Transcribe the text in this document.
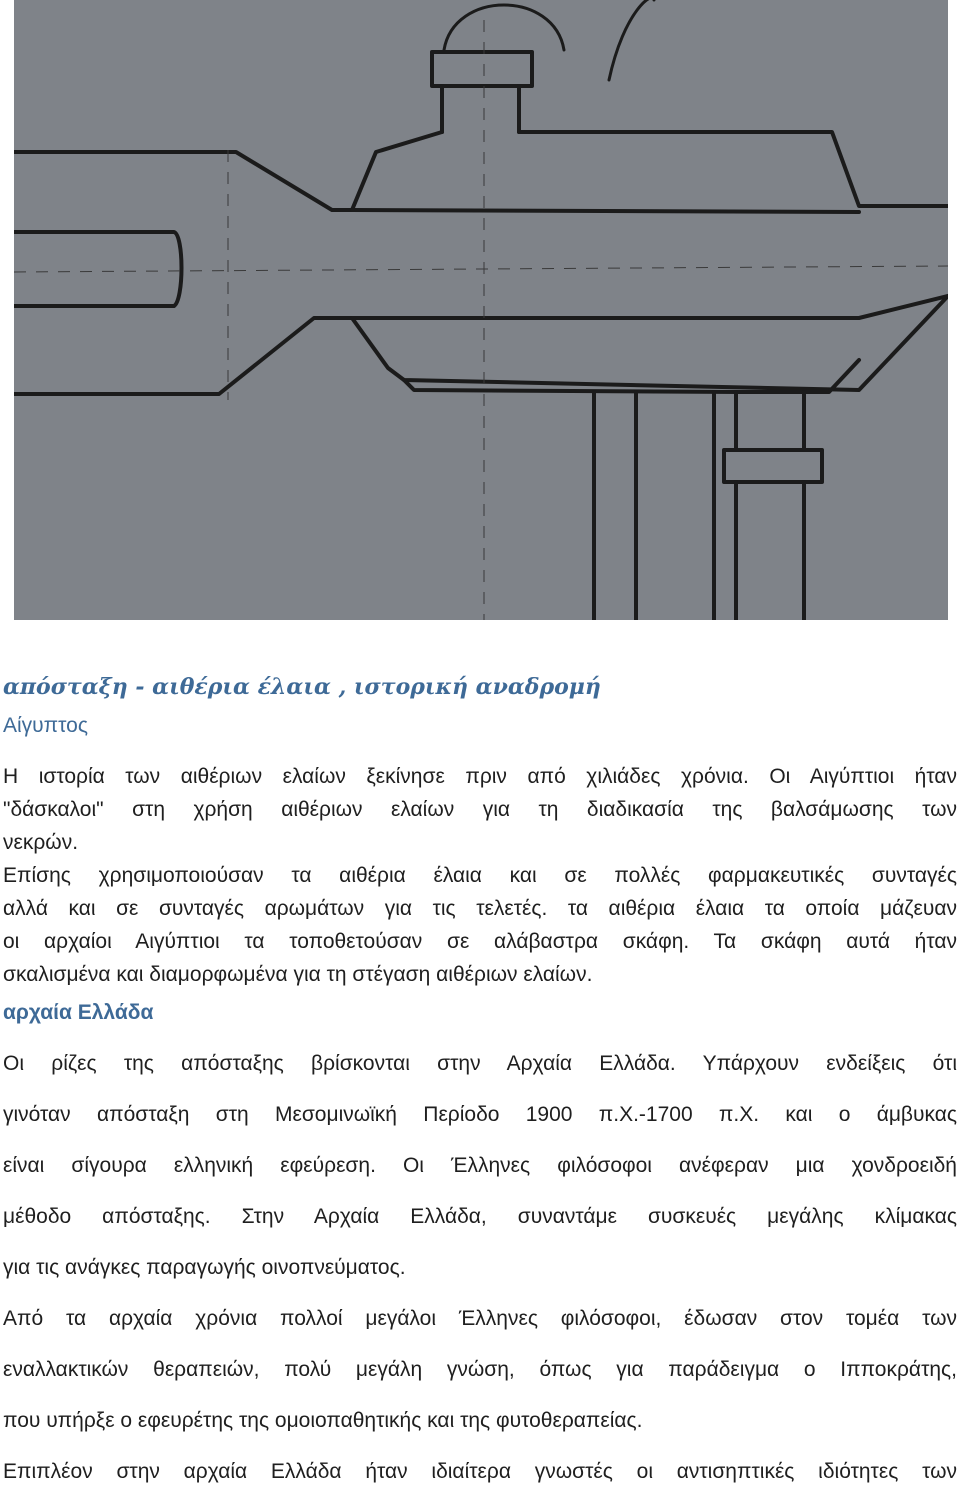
απόσταξη - αιθέρια έλαια , ιστορική αναδρομή
Αίγυπτος
Η ιστορία των αιθέριων ελαίων ξεκίνησε πριν από χιλιάδες χρόνια. Οι Αιγύπτιοι ήταν
"δάσκαλοι" στη χρήση αιθέριων ελαίων για τη διαδικασία της βαλσάμωσης των
νεκρών.
Επίσης χρησιμοποιούσαν τα αιθέρια έλαια και σε πολλές φαρμακευτικές συνταγές
αλλά και σε συνταγές αρωμάτων για τις τελετές. τα αιθέρια έλαια τα οποία μάζευαν
οι αρχαίοι Αιγύπτιοι τα τοποθετούσαν σε αλάβαστρα σκάφη. Τα σκάφη αυτά ήταν
σκαλισμένα και διαμορφωμένα για τη στέγαση αιθέριων ελαίων.
αρχαία Ελλάδα
Οι ρίζες της απόσταξης βρίσκονται στην Αρχαία Ελλάδα. Υπάρχουν ενδείξεις ότι
γινόταν απόσταξη στη Μεσομινωϊκή Περίοδο 1900 π.Χ.-1700 π.Χ. και ο άμβυκας
είναι σίγουρα ελληνική εφεύρεση. Οι Έλληνες φιλόσοφοι ανέφεραν μια χονδροειδή
μέθοδο απόσταξης. Στην Αρχαία Ελλάδα, συναντάμε συσκευές μεγάλης κλίμακας
για τις ανάγκες παραγωγής οινοπνεύματος.
Από τα αρχαία χρόνια πολλοί μεγάλοι Έλληνες φιλόσοφοι, έδωσαν στον τομέα των
εναλλακτικών θεραπειών, πολύ μεγάλη γνώση, όπως για παράδειγμα ο Ιπποκράτης,
που υπήρξε ο εφευρέτης της ομοιοπαθητικής και της φυτοθεραπείας.
Επιπλέον στην αρχαία Ελλάδα ήταν ιδιαίτερα γνωστές οι αντισηπτικές ιδιότητες των
